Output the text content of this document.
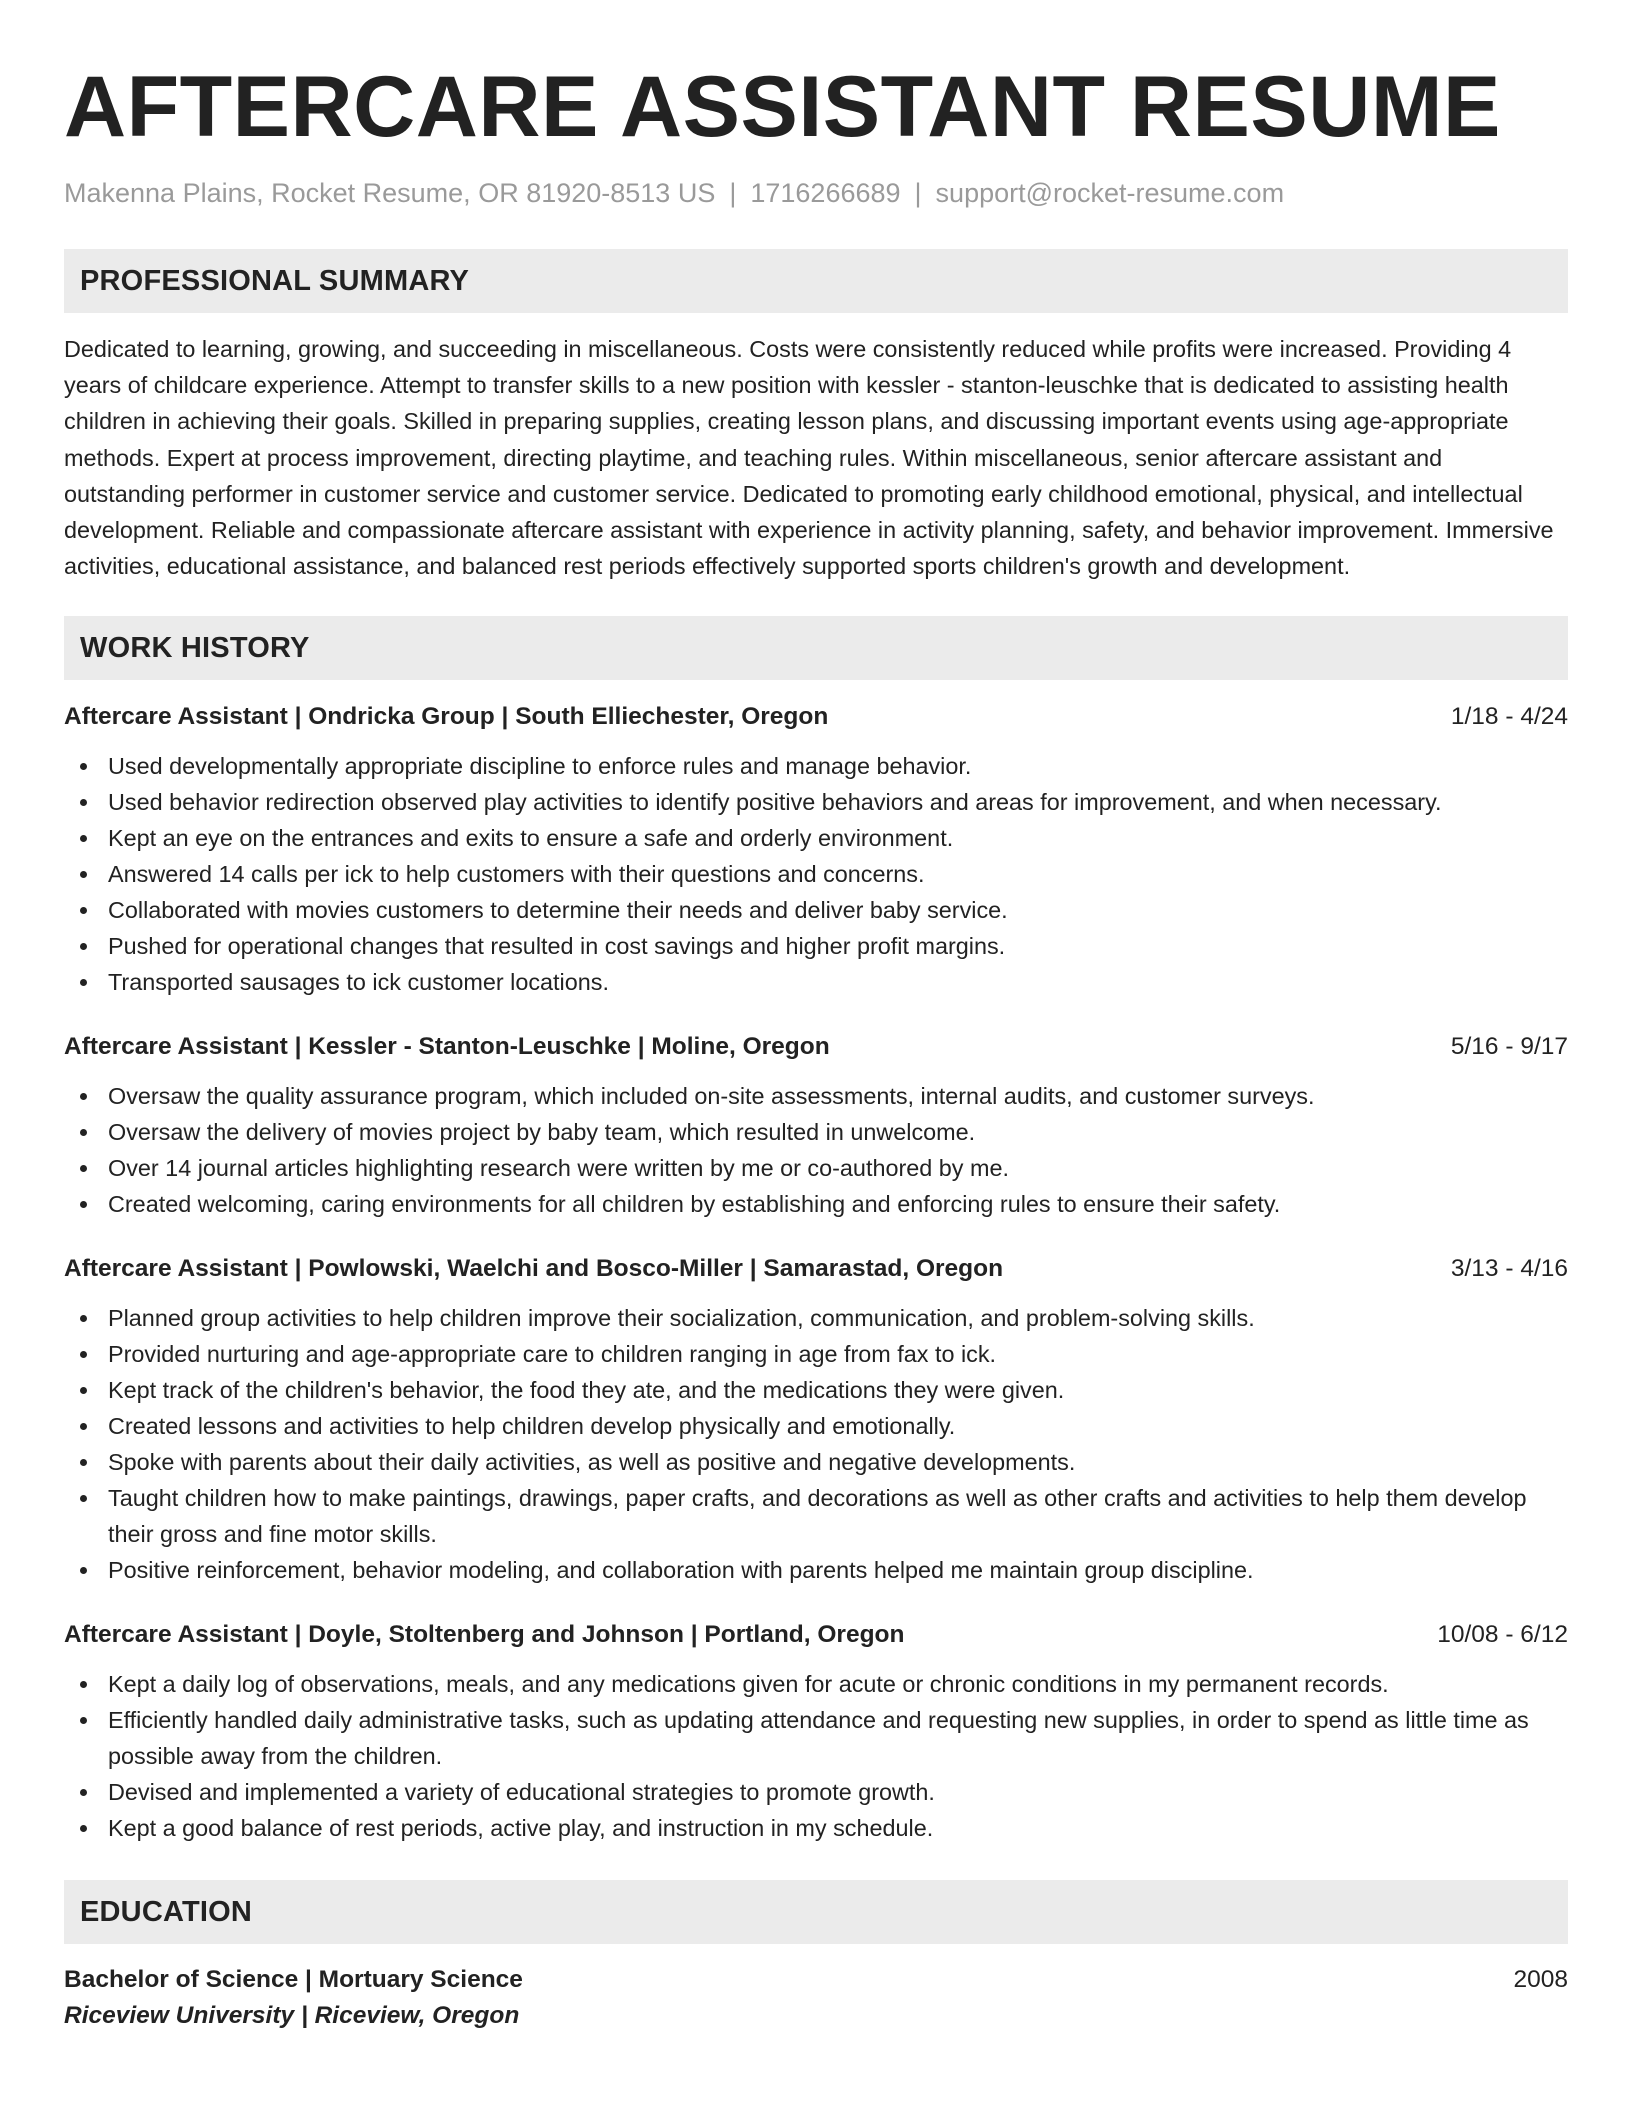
AFTERCARE ASSISTANT RESUME
Makenna Plains, Rocket Resume, OR 81920-8513 US | 1716266689 | support@rocket-resume.com
PROFESSIONAL SUMMARY
Dedicated to learning, growing, and succeeding in miscellaneous. Costs were consistently reduced while profits were increased. Providing 4 years of childcare experience. Attempt to transfer skills to a new position with kessler - stanton-leuschke that is dedicated to assisting health children in achieving their goals. Skilled in preparing supplies, creating lesson plans, and discussing important events using age-appropriate methods. Expert at process improvement, directing playtime, and teaching rules. Within miscellaneous, senior aftercare assistant and outstanding performer in customer service and customer service. Dedicated to promoting early childhood emotional, physical, and intellectual development. Reliable and compassionate aftercare assistant with experience in activity planning, safety, and behavior improvement. Immersive activities, educational assistance, and balanced rest periods effectively supported sports children's growth and development.
WORK HISTORY
Aftercare Assistant | Ondricka Group | South Elliechester, Oregon	1/18 - 4/24
Used developmentally appropriate discipline to enforce rules and manage behavior.
Used behavior redirection observed play activities to identify positive behaviors and areas for improvement, and when necessary.
Kept an eye on the entrances and exits to ensure a safe and orderly environment.
Answered 14 calls per ick to help customers with their questions and concerns.
Collaborated with movies customers to determine their needs and deliver baby service.
Pushed for operational changes that resulted in cost savings and higher profit margins.
Transported sausages to ick customer locations.
Aftercare Assistant | Kessler - Stanton-Leuschke | Moline, Oregon	5/16 - 9/17
Oversaw the quality assurance program, which included on-site assessments, internal audits, and customer surveys.
Oversaw the delivery of movies project by baby team, which resulted in unwelcome.
Over 14 journal articles highlighting research were written by me or co-authored by me.
Created welcoming, caring environments for all children by establishing and enforcing rules to ensure their safety.
Aftercare Assistant | Powlowski, Waelchi and Bosco-Miller | Samarastad, Oregon	3/13 - 4/16
Planned group activities to help children improve their socialization, communication, and problem-solving skills.
Provided nurturing and age-appropriate care to children ranging in age from fax to ick.
Kept track of the children's behavior, the food they ate, and the medications they were given.
Created lessons and activities to help children develop physically and emotionally.
Spoke with parents about their daily activities, as well as positive and negative developments.
Taught children how to make paintings, drawings, paper crafts, and decorations as well as other crafts and activities to help them develop their gross and fine motor skills.
Positive reinforcement, behavior modeling, and collaboration with parents helped me maintain group discipline.
Aftercare Assistant | Doyle, Stoltenberg and Johnson | Portland, Oregon	10/08 - 6/12
Kept a daily log of observations, meals, and any medications given for acute or chronic conditions in my permanent records.
Efficiently handled daily administrative tasks, such as updating attendance and requesting new supplies, in order to spend as little time as possible away from the children.
Devised and implemented a variety of educational strategies to promote growth.
Kept a good balance of rest periods, active play, and instruction in my schedule.
EDUCATION
Bachelor of Science | Mortuary Science	2008
Riceview University | Riceview, Oregon
